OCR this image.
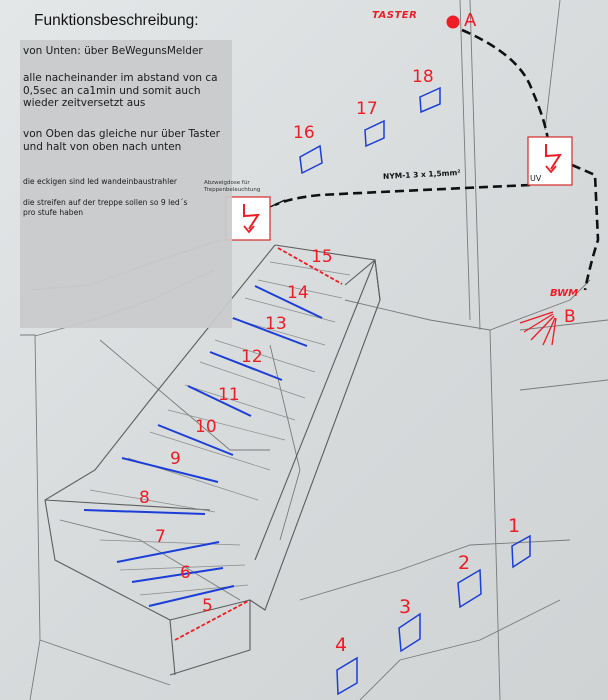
Funktionsbeschreibung:
von Unten: über BeWegunsMelder
alle nacheinander im abstand von ca 0,5sec an ca1min und somit auch wieder zeitversetzt aus
von Oben das gleiche nur über Taster und halt von oben nach unten
die eckigen sind led wandeinbaustrahler
die streifen auf der treppe sollen so 9 led´s pro stufe haben
TASTER	A
BWM
B
UV
NYM-1 3 x 1,5mm²
Abzweigdose für Treppenbeleuchtung
1
2
3
4
5
6
7
8
9
10
11
12
13
14
15
16
17
18
